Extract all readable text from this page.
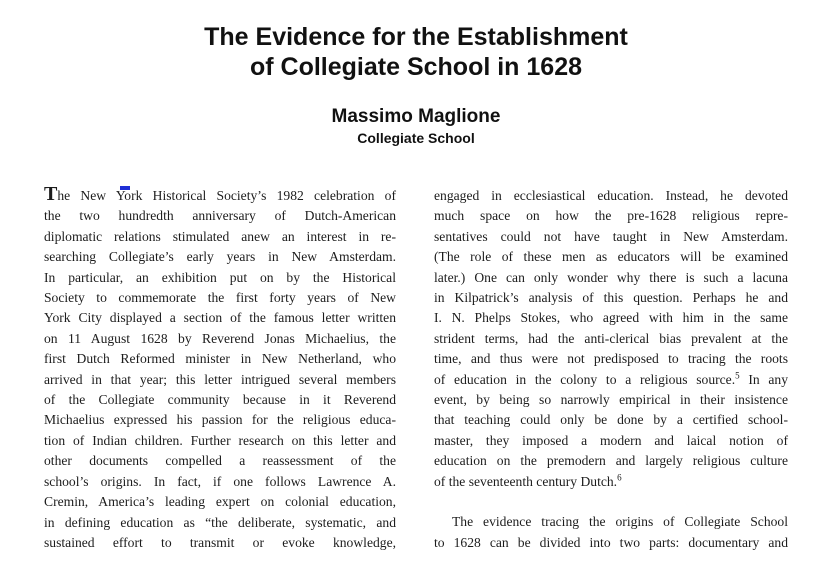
The Evidence for the Establishment
of Collegiate School in 1628
Massimo Maglione
Collegiate School
The New York Historical Society’s 1982 celebration of
the two hundredth anniversary of Dutch-American
diplomatic relations stimulated anew an interest in re-
searching Collegiate’s early years in New Amsterdam.
In particular, an exhibition put on by the Historical
Society to commemorate the first forty years of New
York City displayed a section of the famous letter written
on 11 August 1628 by Reverend Jonas Michaelius, the
first Dutch Reformed minister in New Netherland, who
arrived in that year; this letter intrigued several members
of the Collegiate community because in it Reverend
Michaelius expressed his passion for the religious educa-
tion of Indian children. Further research on this letter and
other documents compelled a reassessment of the
school’s origins. In fact, if one follows Lawrence A.
Cremin, America’s leading expert on colonial education,
in defining education as “the deliberate, systematic, and
sustained effort to transmit or evoke knowledge,
engaged in ecclesiastical education. Instead, he devoted
much space on how the pre-1628 religious repre-
sentatives could not have taught in New Amsterdam.
(The role of these men as educators will be examined
later.) One can only wonder why there is such a lacuna
in Kilpatrick’s analysis of this question. Perhaps he and
I. N. Phelps Stokes, who agreed with him in the same
strident terms, had the anti-clerical bias prevalent at the
time, and thus were not predisposed to tracing the roots
of education in the colony to a religious source.$^5$ In any
event, by being so narrowly empirical in their insistence
that teaching could only be done by a certified school-
master, they imposed a modern and laical notion of
education on the premodern and largely religious culture
of the seventeenth century Dutch.$^6$
The evidence tracing the origins of Collegiate School
to 1628 can be divided into two parts: documentary and
